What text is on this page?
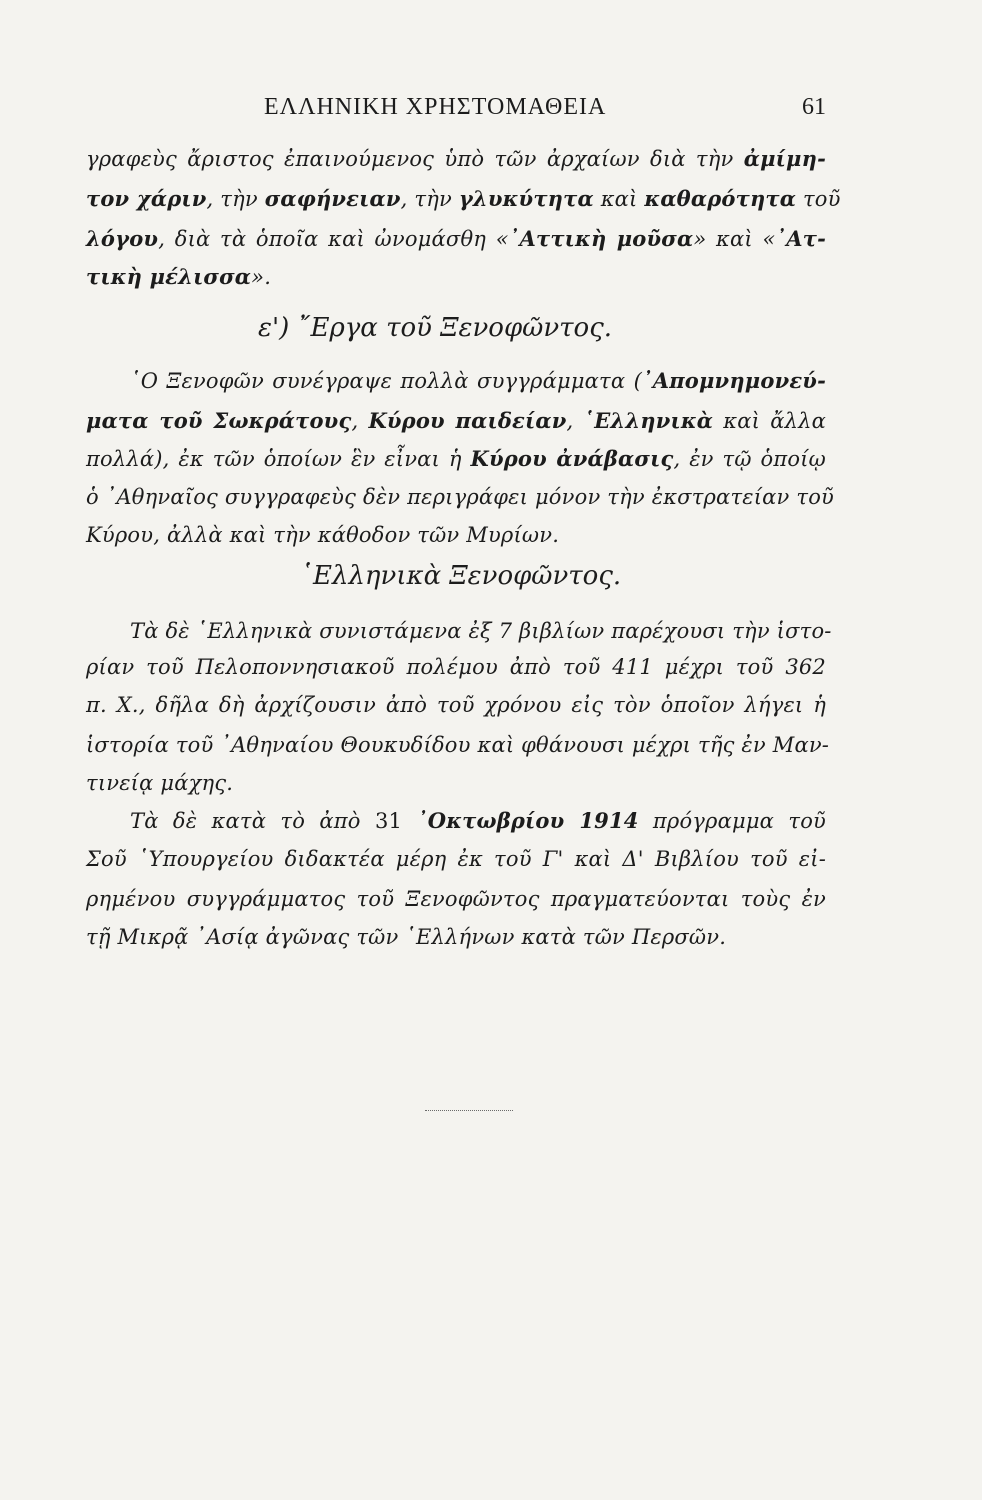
ΕΛΛΗΝΙΚΗ ΧΡΗΣΤΟΜΑΘΕΙΑ	61
γραφεὺς ἄριστος ἐπαινούμενος ὑπὸ τῶν ἀρχαίων διὰ τὴν ἀμίμη-
τον χάριν, τὴν σαφήνειαν, τὴν γλυκύτητα καὶ καθαρότητα τοῦ
λόγου, διὰ τὰ ὁποῖα καὶ ὠνομάσθη «᾿Αττικὴ μοῦσα» καὶ «᾿Ατ-
τικὴ μέλισσα».
ε') ῎Εργα τοῦ Ξενοφῶντος.
῾Ο Ξενοφῶν συνέγραψε πολλὰ συγγράμματα (᾿Απομνημονεύ-
ματα τοῦ Σωκράτους, Κύρου παιδείαν, ῾Ελληνικὰ καὶ ἄλλα
πολλά), ἐκ τῶν ὁποίων ἓν εἶναι ἡ Κύρου ἀνάβασις, ἐν τῷ ὁποίῳ
ὁ ᾿Αθηναῖος συγγραφεὺς δὲν περιγράφει μόνον τὴν ἐκστρατείαν τοῦ
Κύρου, ἀλλὰ καὶ τὴν κάθοδον τῶν Μυρίων.
῾Ελληνικὰ Ξενοφῶντος.
Τὰ δὲ ῾Ελληνικὰ συνιστάμενα ἐξ 7 βιβλίων παρέχουσι τὴν ἱστο-
ρίαν τοῦ Πελοποννησιακοῦ πολέμου ἀπὸ τοῦ 411 μέχρι τοῦ 362
π. Χ., δῆλα δὴ ἀρχίζουσιν ἀπὸ τοῦ χρόνου εἰς τὸν ὁποῖον λήγει ἡ
ἱστορία τοῦ ᾿Αθηναίου Θουκυδίδου καὶ φθάνουσι μέχρι τῆς ἐν Μαν-
τινείᾳ μάχης.
Τὰ δὲ κατὰ τὸ ἀπὸ 31 ᾿Οκτωβρίου 1914 πρόγραμμα τοῦ
Σοῦ ῾Υπουργείου διδακτέα μέρη ἐκ τοῦ Γ' καὶ Δ' Βιβλίου τοῦ εἰ-
ρημένου συγγράμματος τοῦ Ξενοφῶντος πραγματεύονται τοὺς ἐν
τῇ Μικρᾷ ᾿Ασίᾳ ἀγῶνας τῶν ῾Ελλήνων κατὰ τῶν Περσῶν.
